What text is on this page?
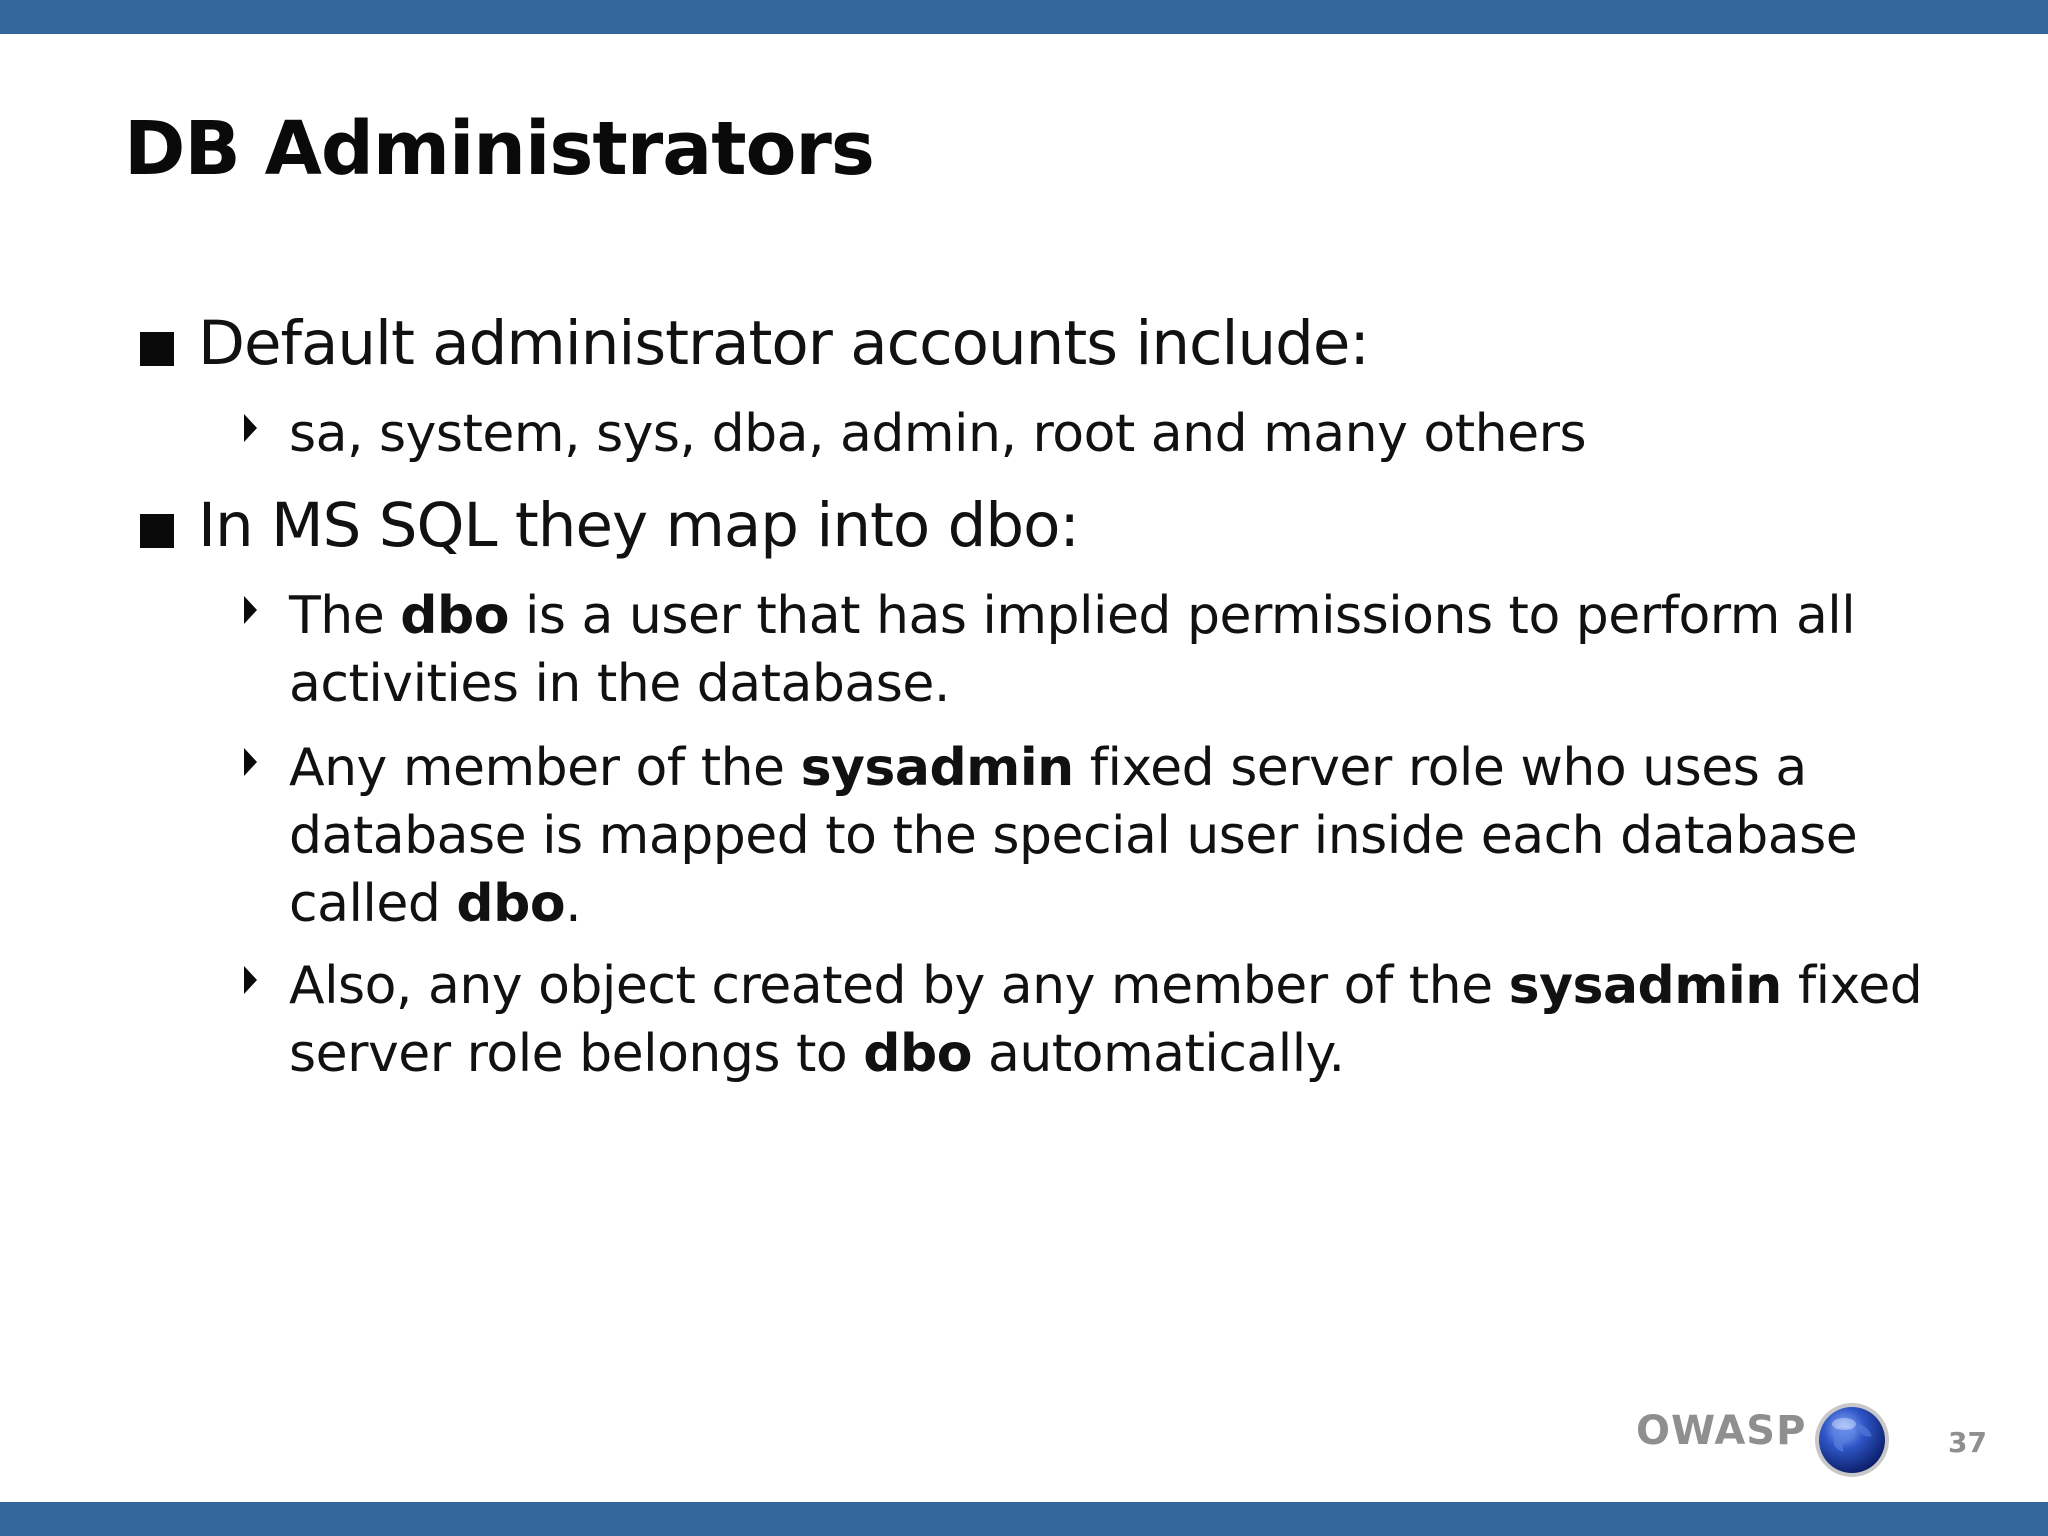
DB Administrators
Default administrator accounts include:
sa, system, sys, dba, admin, root and many others
In MS SQL they map into dbo:
The dbo is a user that has implied permissions to perform all activities in the database.
Any member of the sysadmin fixed server role who uses a database is mapped to the special user inside each database called dbo.
Also, any object created by any member of the sysadmin fixed server role belongs to dbo automatically.
OWASP	37
